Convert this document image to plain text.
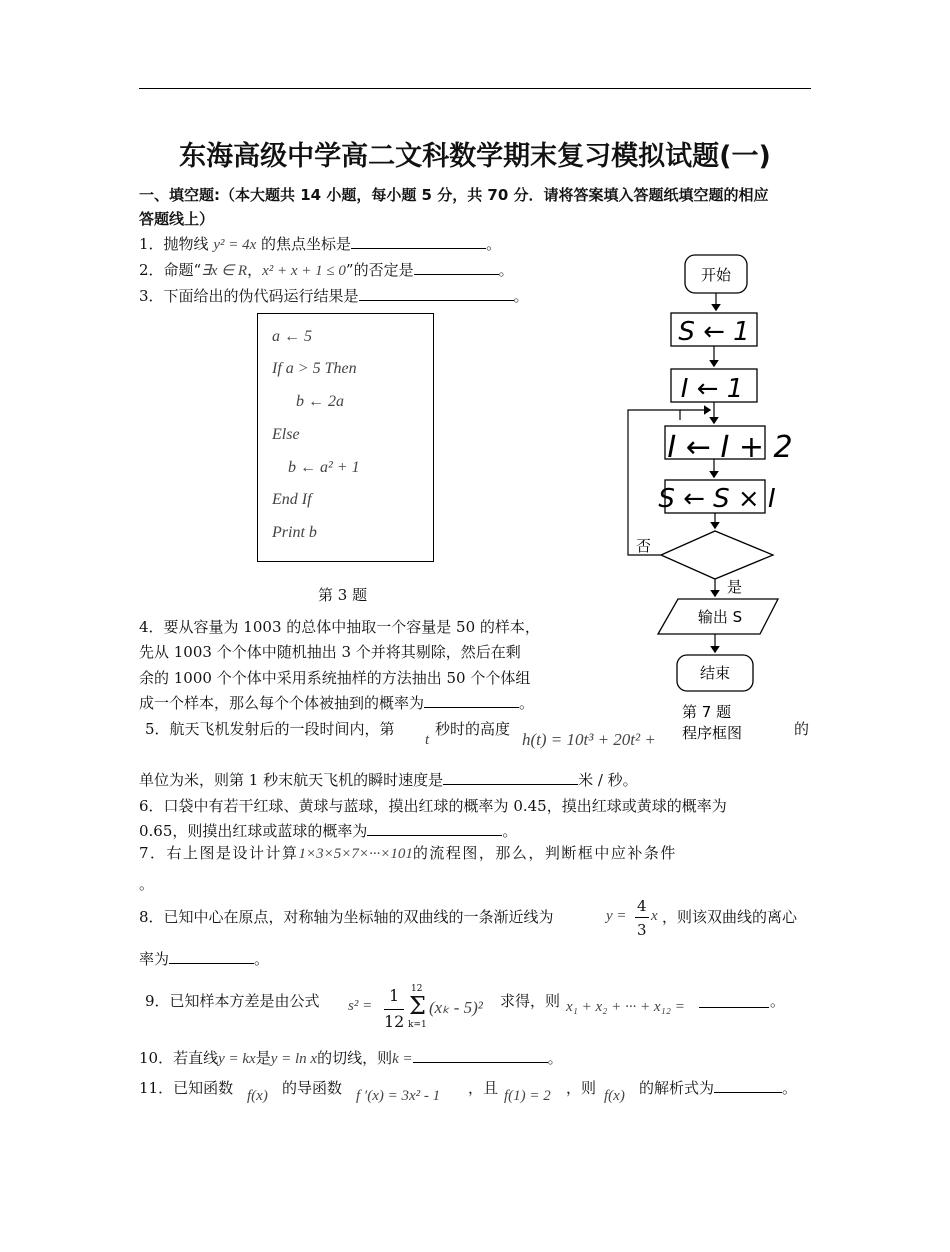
东海高级中学高二文科数学期末复习模拟试题(一)
一、填空题:（本大题共 14 小题，每小题 5 分，共 70 分．请将答案填入答题纸填空题的相应
答题线上）
1．抛物线 y² = 4x 的焦点坐标是	。
2．命题“∃x ∈ R，x² + x + 1 ≤ 0”的否定是	。
3．下面给出的伪代码运行结果是	。
a ← 5
If a > 5 Then
b ← 2a
Else
b ← a² + 1
End If
Print b
第 3 题
4．要从容量为 1003 的总体中抽取一个容量是 50 的样本，
先从 1003 个个体中随机抽出 3 个并将其剔除，然后在剩
余的 1000 个个体中采用系统抽样的方法抽出 50 个个体组
成一个样本，那么每个个体被抽到的概率为	。
5．航天飞机发射后的一段时间内，第
t
秒时的高度
h(t) = 10t³ + 20t² +
的
单位为米，则第 1 秒末航天飞机的瞬时速度是	米 / 秒。
6．口袋中有若干红球、黄球与蓝球，摸出红球的概率为 0.45，摸出红球或黄球的概率为
0.65，则摸出红球或蓝球的概率为	。
7．右上图是设计计算1×3×5×7×···×101的流程图，那么，判断框中应补条件
。
8．已知中心在原点，对称轴为坐标轴的双曲线的一条渐近线为	y =
4
3
x ，则该双曲线的离心
率为	。
9．已知样本方差是由公式 s² =
1
12
Σ
12
k=1
(xₖ - 5)² 求得，则 x₁ + x₂ + ··· + x₁₂ =	。
10．若直线y = kx是y = ln x的切线，则k =	。
11．已知函数 f(x) 的导函数 f ′(x) = 3x² - 1 ，且 f(1) = 2 ，则 f(x) 的解析式为	。
开始
S ← 1
I ← 1
I ← I + 2
S ← S × I
否
是
输出 S
结束
第 7 题
程序框图
